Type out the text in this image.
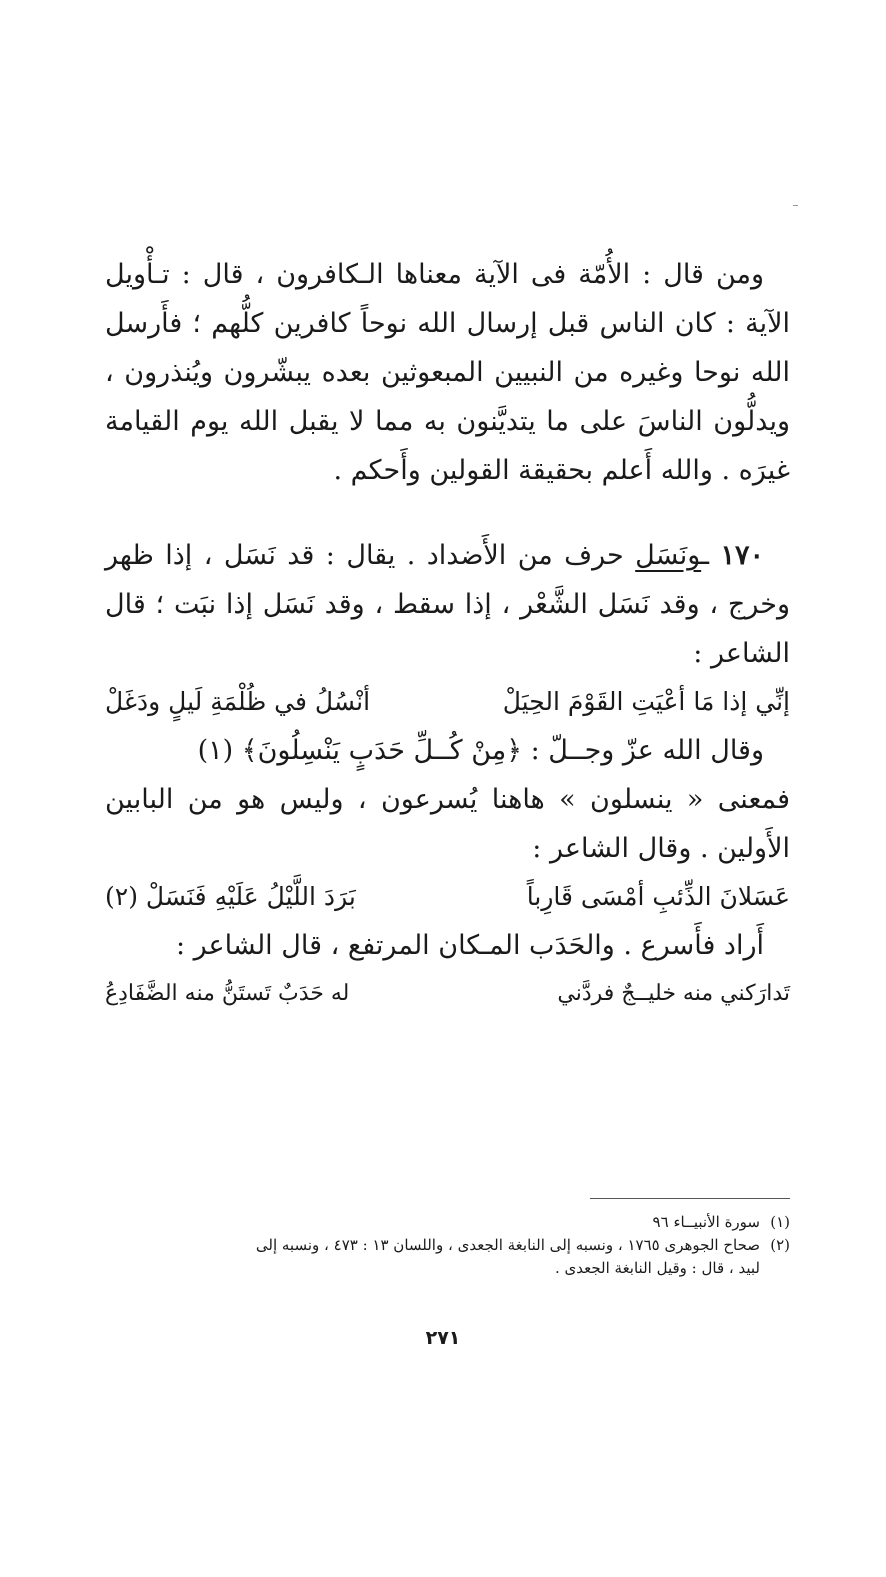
ومن قال : الأُمّة فى الآية معناها الـكافرون ، قال : تـأْويل الآية : كان الناس قبل إرسال الله نوحاً كافرين كلُّهم ؛ فأَرسل الله نوحا وغيره من النبيين المبعوثين بعده يبشّرون ويُنذرون ، ويدلُّون الناسَ على ما يتديَّنون به مما لا يقبل الله يوم القيامة غيرَه . والله أَعلم بحقيقة القولين وأَحكم .

١٧٠ ـونَسَل حرف من الأَضداد . يقال : قد نَسَل ، إذا ظهر وخرج ، وقد نَسَل الشَّعْر ، إذا سقط ، وقد نَسَل إذا نبَت ؛ قال الشاعر :

إنِّي إذا مَا أعْيَتِ القَوْمَ الحِيَلْ
أنْسُلُ في ظُلْمَةِ لَيلٍ ودَغَلْ

وقال الله عزّ وجــلّ : ﴿مِنْ كُــلِّ حَدَبٍ يَنْسِلُونَ﴾ (١)

فمعنى « ينسلون » هاهنا يُسرعون ، وليس هو من البابين الأَولين . وقال الشاعر :

عَسَلانَ الذِّئبِ أمْسَى قَارِباً
بَرَدَ اللَّيْلُ عَلَيْهِ فَنَسَلْ (٢)

أَراد فأَسرع . والحَدَب المـكان المرتفع ، قال الشاعر :

تَدارَكني منه خليــجٌ فردَّني
له حَدَبٌ تَستَنُّ منه الضَّفَادِعُ

(١)سورة الأنبيــاء ٩٦

(٢)صحاح الجوهرى ١٧٦٥ ، ونسبه إلى النابغة الجعدى ، واللسان ١٣ : ٤٧٣ ، ونسبه إلى

لبيد ، قال : وقيل النابغة الجعدى .

٢٧١
